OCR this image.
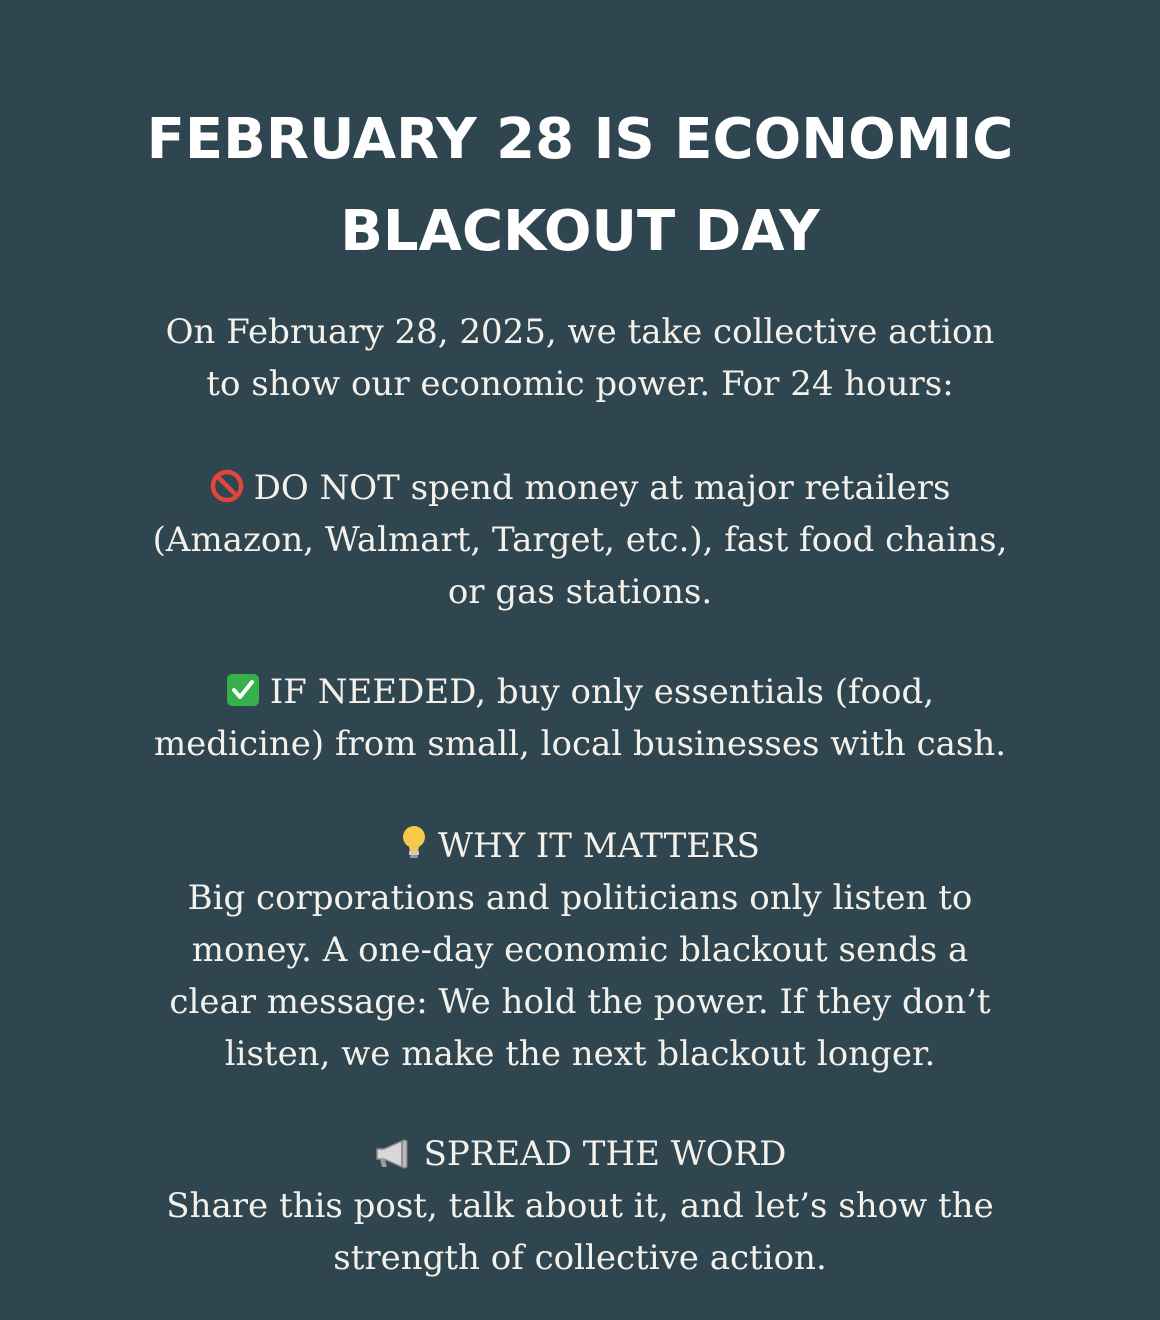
FEBRUARY 28 IS ECONOMIC
BLACKOUT DAY
On February 28, 2025, we take collective action
to show our economic power. For 24 hours:
DO NOT spend money at major retailers
(Amazon, Walmart, Target, etc.), fast food chains,
or gas stations.
IF NEEDED, buy only essentials (food,
medicine) from small, local businesses with cash.
WHY IT MATTERS
Big corporations and politicians only listen to
money. A one-day economic blackout sends a
clear message: We hold the power. If they don’t
listen, we make the next blackout longer.
SPREAD THE WORD
Share this post, talk about it, and let’s show the
strength of collective action.
